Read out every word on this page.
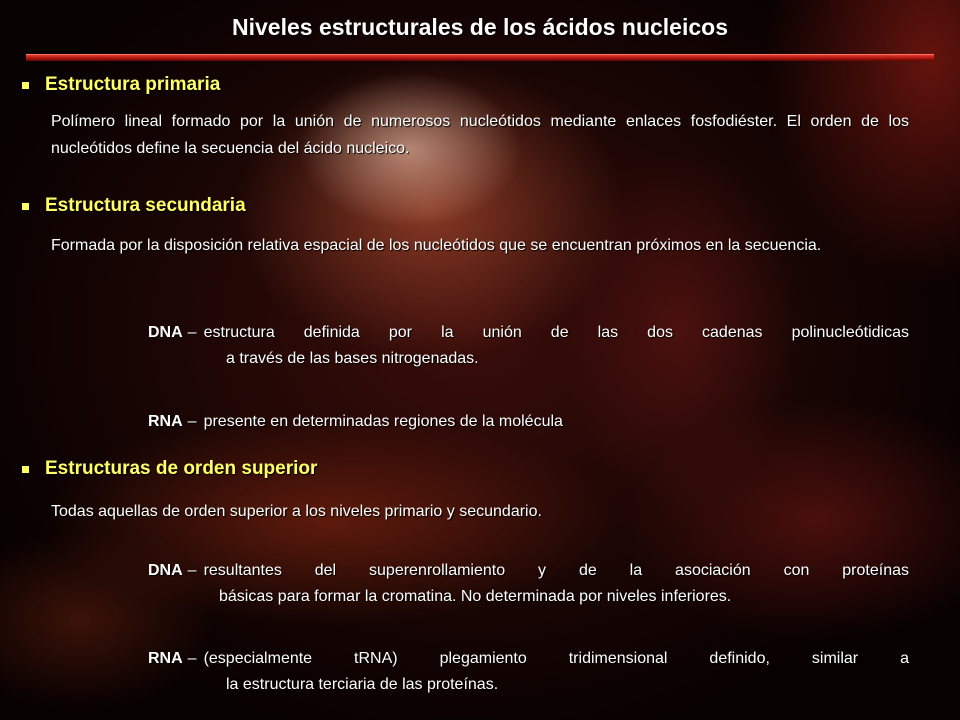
Niveles estructurales de los ácidos nucleicos
Estructura primaria
Polímero lineal formado por la unión de numerosos nucleótidos mediante enlaces fosfodiéster. El orden de los nucleótidos define la secuencia del ácido nucleico.
Estructura secundaria
Formada por la disposición relativa espacial de los nucleótidos que se encuentran próximos en la secuencia.
DNA – estructura definida por la unión de las dos cadenas polinucleótidicas
a través de las bases nitrogenadas.
RNA – presente en determinadas regiones de la molécula
Estructuras de orden superior
Todas aquellas de orden superior a los niveles primario y secundario.
DNA – resultantes del superenrollamiento y de la asociación con proteínas
básicas para formar la cromatina. No determinada por niveles inferiores.
RNA – (especialmente tRNA) plegamiento tridimensional definido, similar a
la estructura terciaria de las proteínas.
